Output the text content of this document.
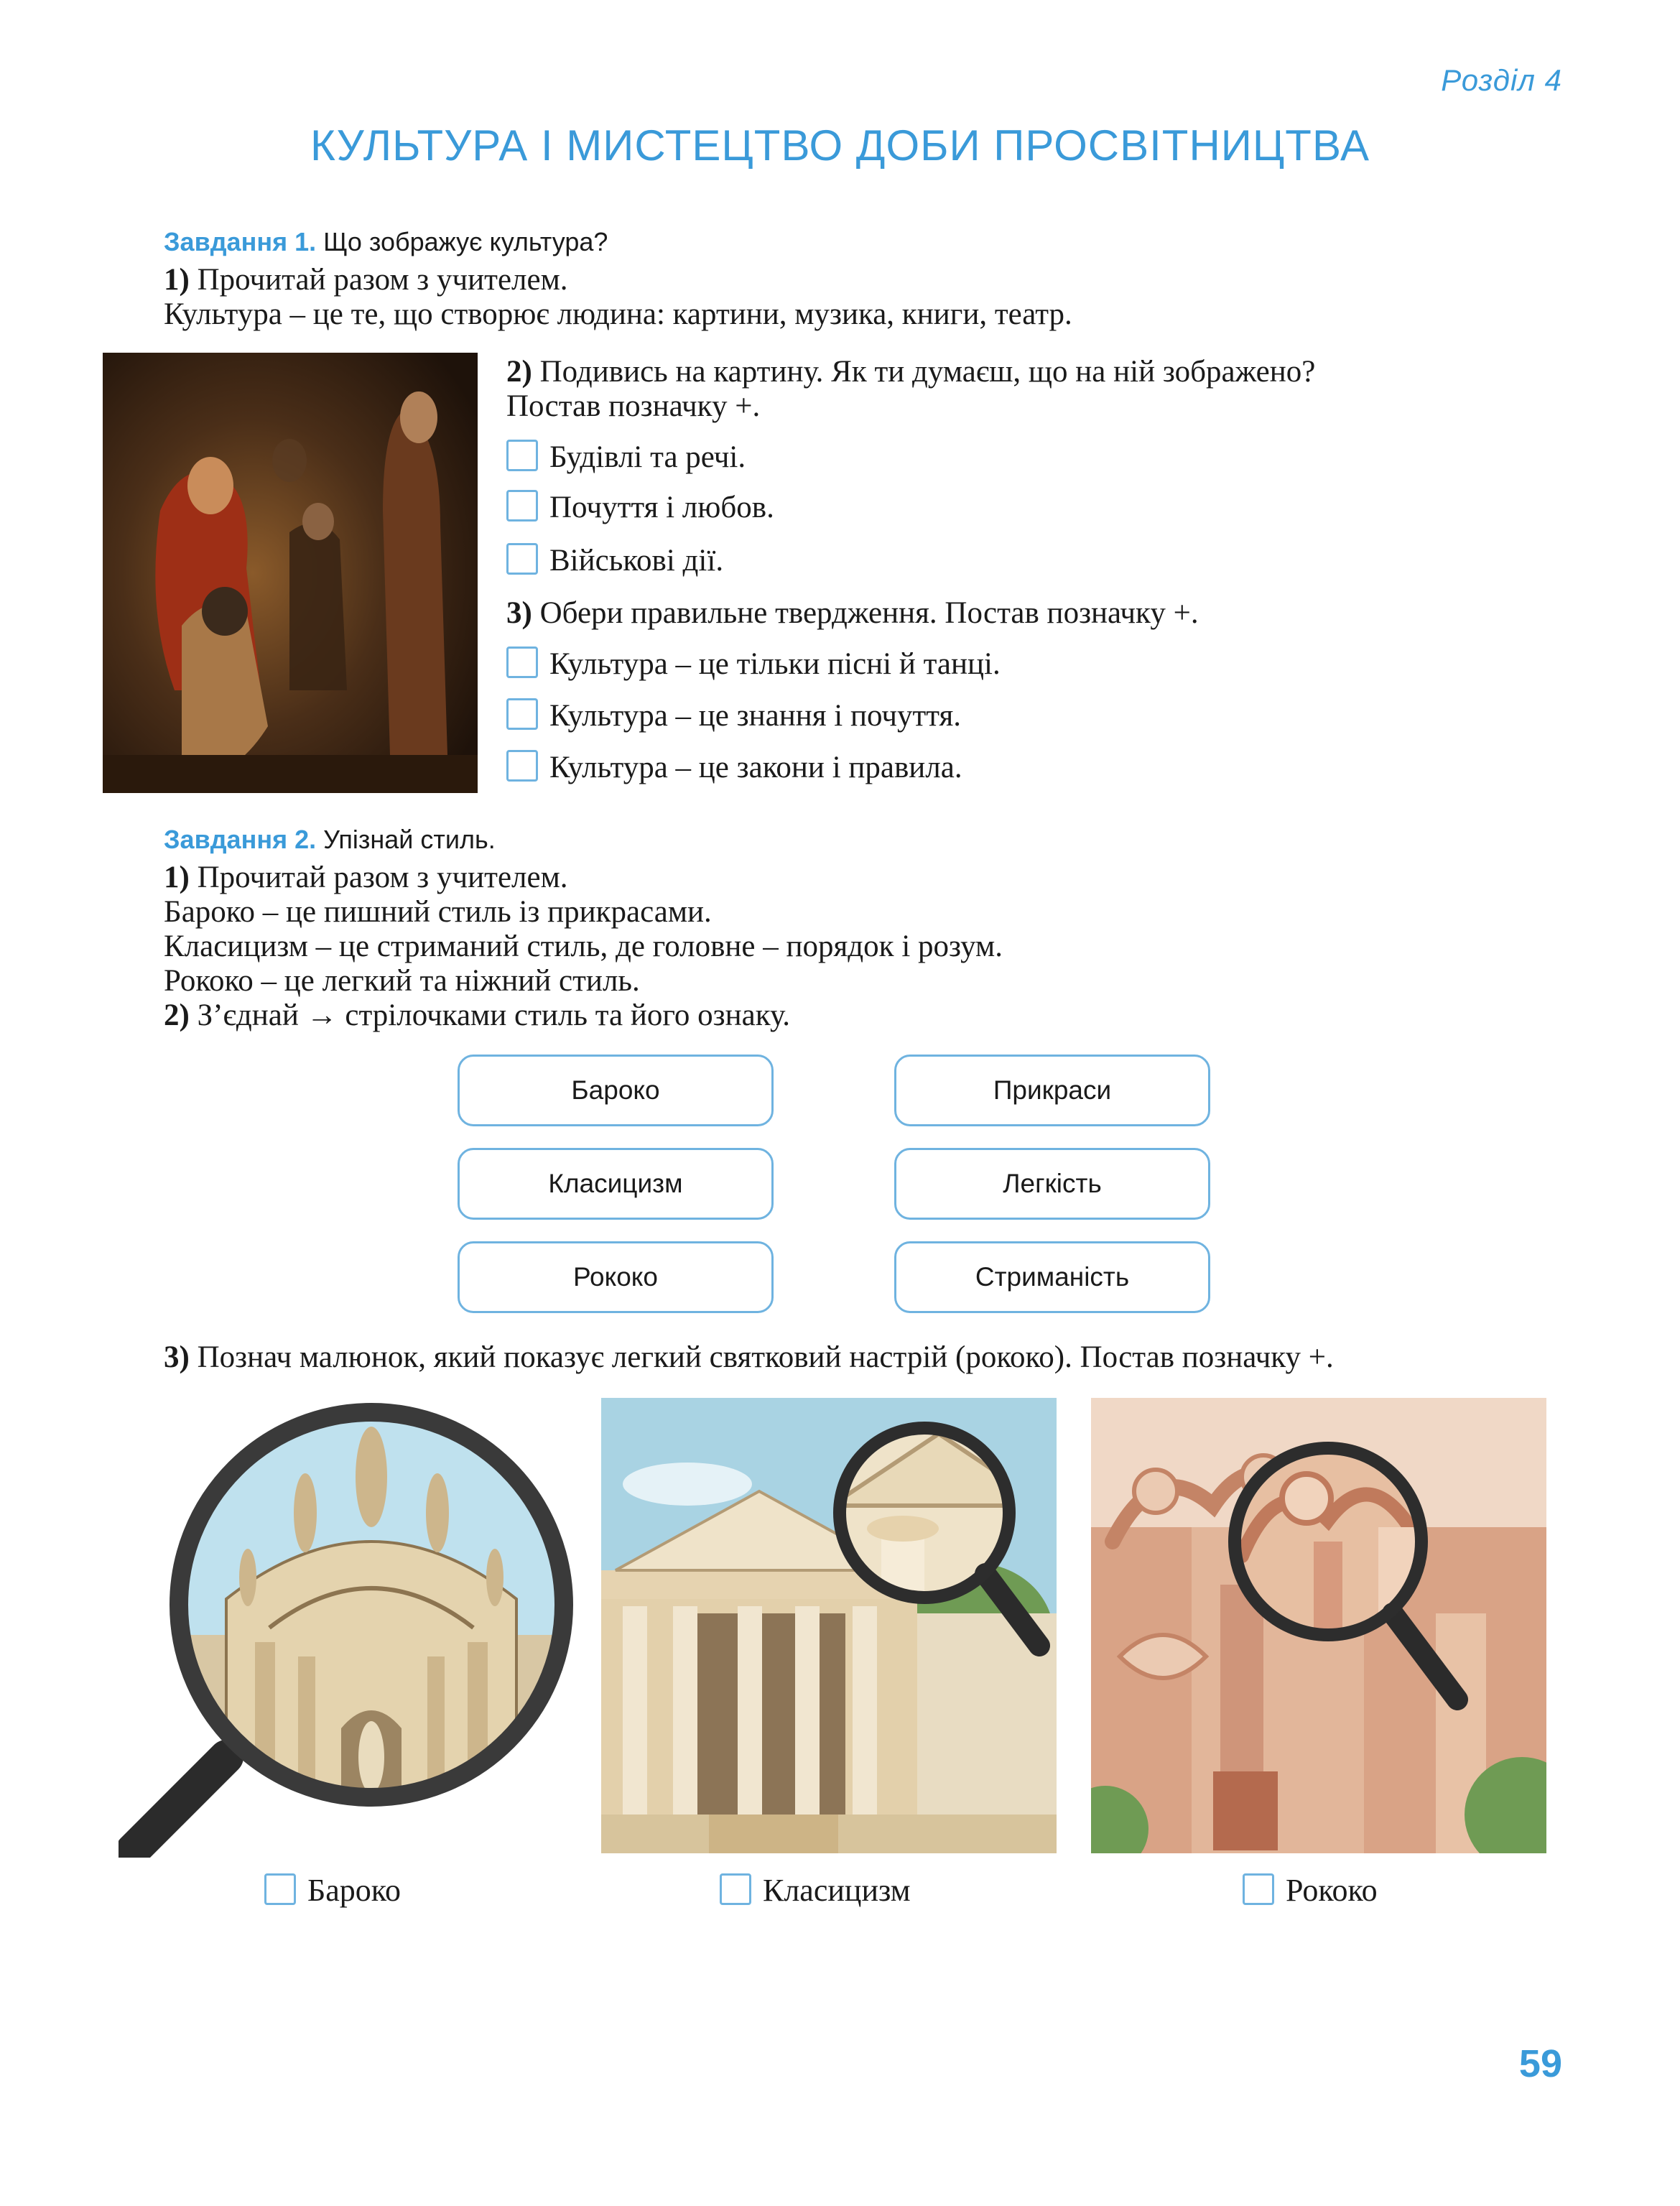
Розділ 4
КУЛЬТУРА І МИСТЕЦТВО ДОБИ ПРОСВІТНИЦТВА
Завдання 1. Що зображує культура?
1) Прочитай разом з учителем.
Культура – це те, що створює людина: картини, музика, книги, театр.
2) Подивись на картину. Як ти думаєш, що на ній зображено?
Постав позначку +.
Будівлі та речі.
Почуття і любов.
Військові дії.
3) Обери правильне твердження. Постав позначку +.
Культура – це тільки пісні й танці.
Культура – це знання і почуття.
Культура – це закони і правила.
Завдання 2. Упізнай стиль.
1) Прочитай разом з учителем.
Бароко – це пишний стиль із прикрасами.
Класицизм – це стриманий стиль, де головне – порядок і розум.
Рококо – це легкий та ніжний стиль.
2) З’єднай → стрілочками стиль та його ознаку.
Бароко
Класицизм
Рококо
Прикраси
Легкість
Стриманість
3) Познач малюнок, який показує легкий святковий настрій (рококо). Постав позначку +.
Бароко	Класицизм	Рококо
59
